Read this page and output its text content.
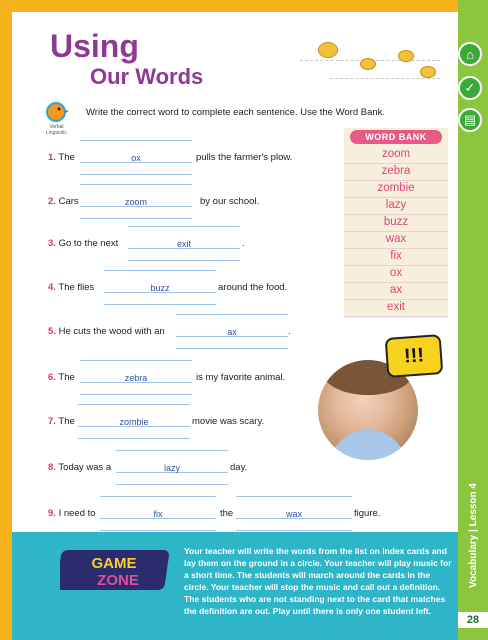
Using
Our Words
⌂
✓
▤
Verbal
Linguistic
Write the correct word to complete each sentence. Use the Word Bank.
1. The	ox	pulls the farmer's plow.
2. Cars	zoom	by our school.
3. Go to the next	exit	.
4. The flies	buzz	around the food.
5. He cuts the wood with an	ax	.
6. The	zebra	is my favorite animal.
7. The	zombie	movie was scary.
8. Today was a	lazy	day.
9. I need to	fix	the	wax	figure.
WORD BANK
zoom
zebra
zombie
lazy
buzz
wax
fix
ox
ax
exit
!!!
GAME
ZONE
Your teacher will write the words from the list on index cards and lay them on the ground in a circle. Your teacher will play music for a short time. The students will march around the cards in the circle. Your teacher will stop the music and call out a definition. The students who are not standing next to the card that matches the definition are out. Play until there is only one student left.
Vocabulary | Lesson 4
28
